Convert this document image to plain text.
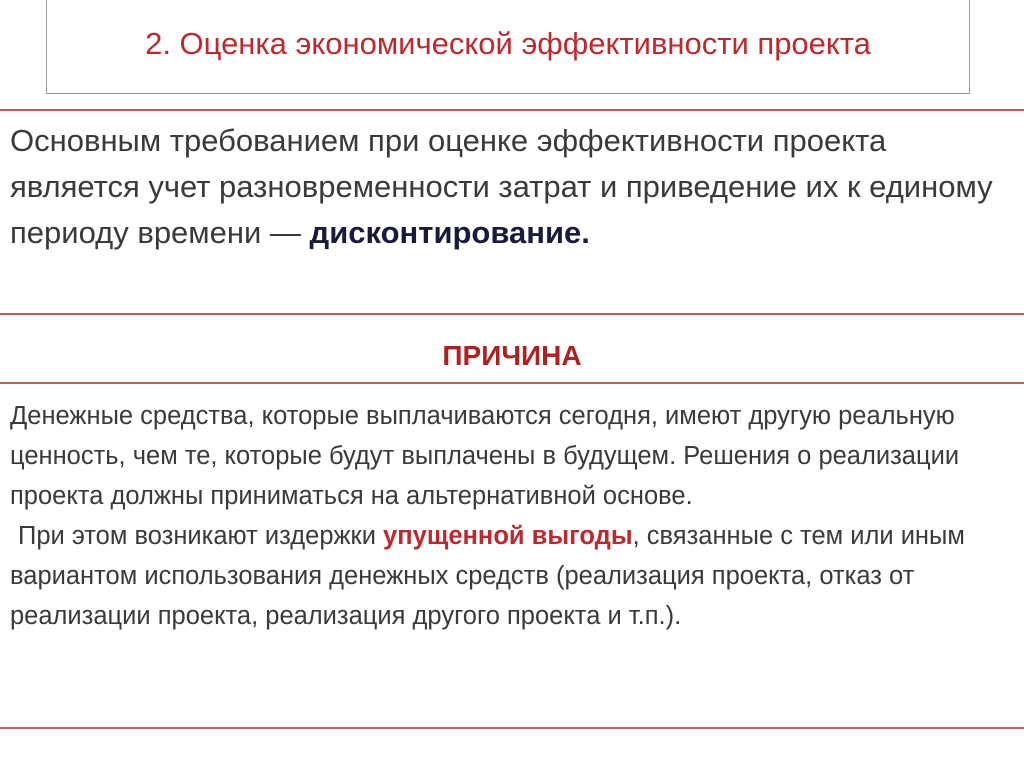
2. Оценка экономической эффективности проекта
Основным требованием при оценке эффективности проекта является учет разновременности затрат и приведение их к единому периоду времени — дисконтирование.
ПРИЧИНА

Денежные средства, которые выплачиваются сегодня, имеют другую реальную ценность, чем те, которые будут выплачены в будущем. Решения о реализации проекта должны приниматься на альтернативной основе.

При этом возникают издержки упущенной выгоды, связанные с тем или иным вариантом использования денежных средств (реализация проекта, отказ от реализации проекта, реализация другого проекта и т.п.).
